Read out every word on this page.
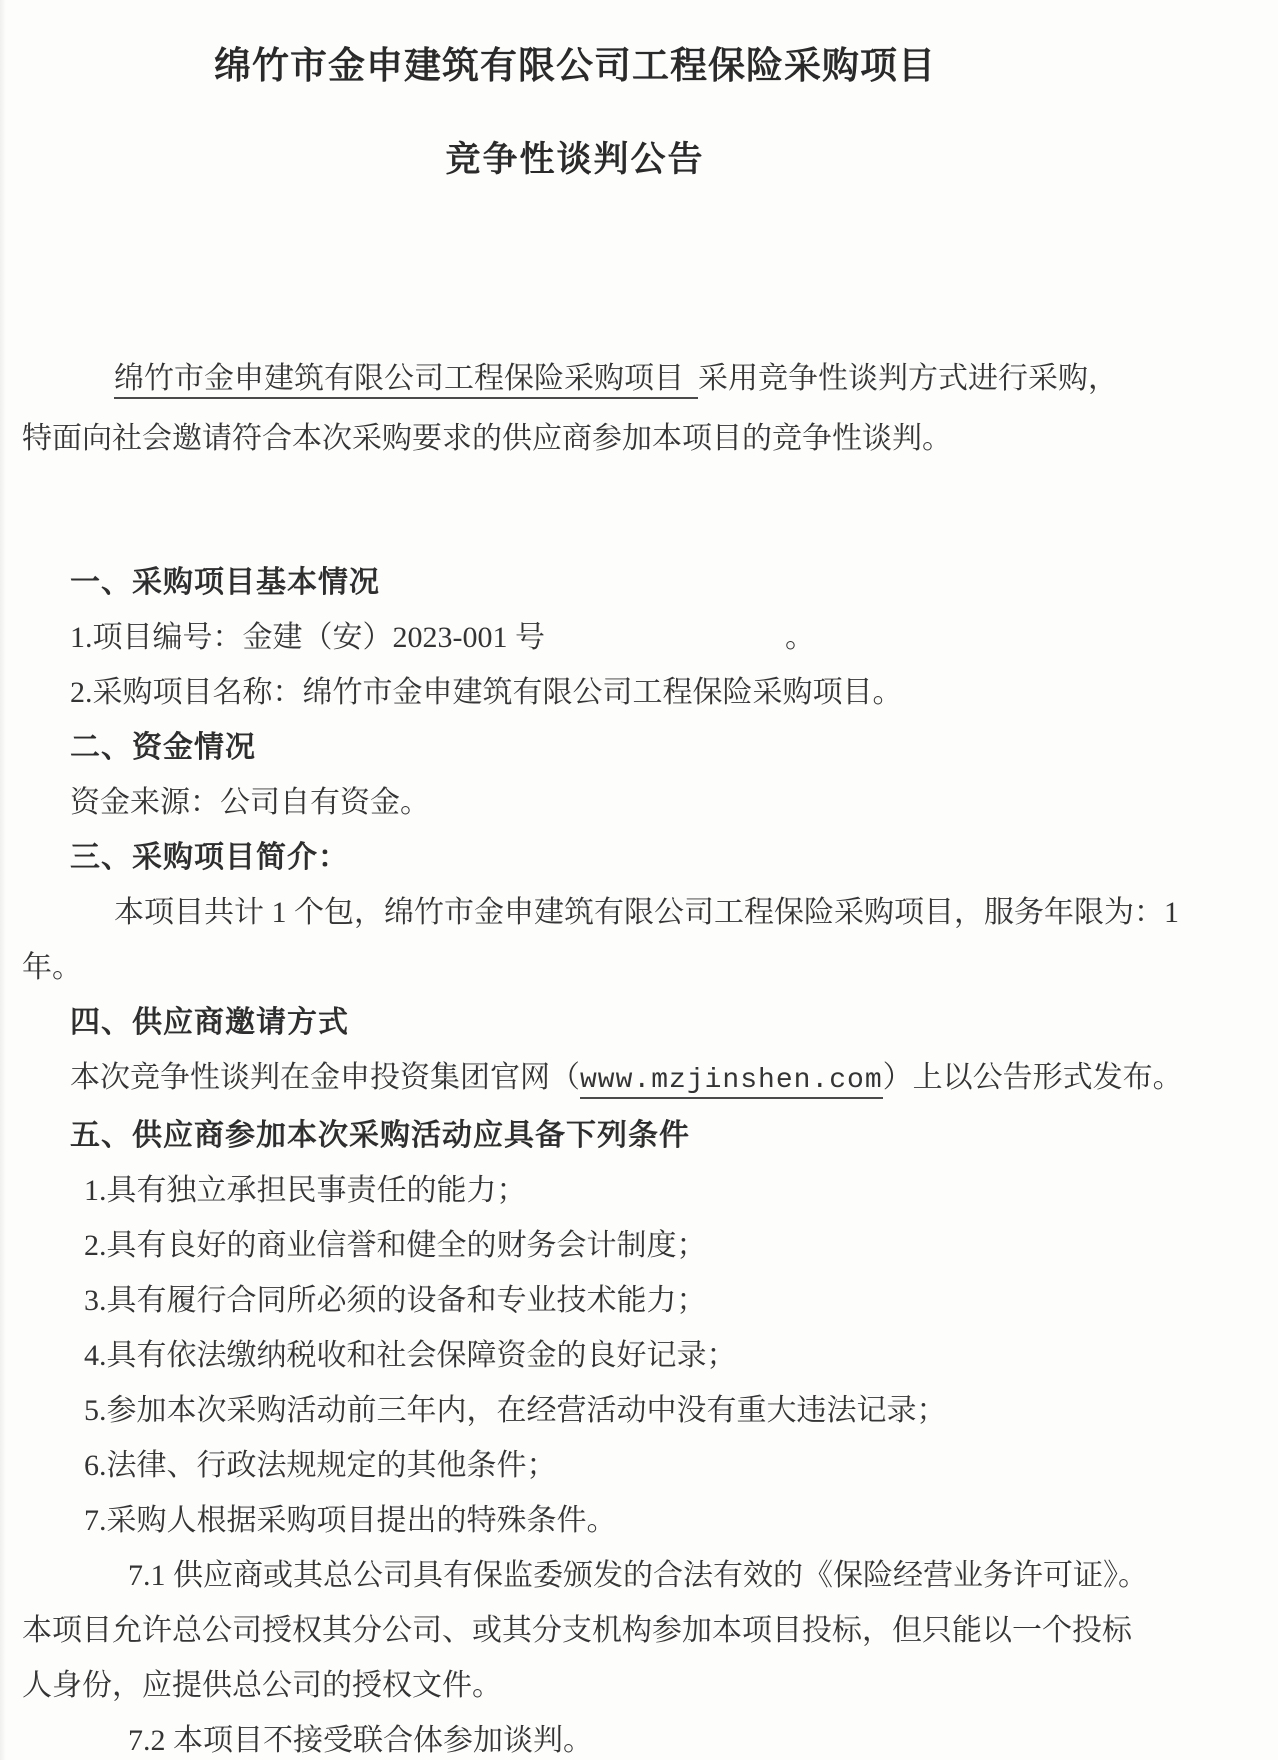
绵竹市金申建筑有限公司工程保险采购项目
竞争性谈判公告
绵竹市金申建筑有限公司工程保险采购项目 采用竞争性谈判方式进行采购，
特面向社会邀请符合本次采购要求的供应商参加本项目的竞争性谈判。
一、采购项目基本情况
1.项目编号：金建（安）2023-001 号	。
2.采购项目名称：绵竹市金申建筑有限公司工程保险采购项目。
二、资金情况
资金来源：公司自有资金。
三、采购项目简介：
本项目共计 1 个包，绵竹市金申建筑有限公司工程保险采购项目，服务年限为：1
年。
四、供应商邀请方式
本次竞争性谈判在金申投资集团官网（www.mzjinshen.com）上以公告形式发布。
五、供应商参加本次采购活动应具备下列条件
1.具有独立承担民事责任的能力；
2.具有良好的商业信誉和健全的财务会计制度；
3.具有履行合同所必须的设备和专业技术能力；
4.具有依法缴纳税收和社会保障资金的良好记录；
5.参加本次采购活动前三年内，在经营活动中没有重大违法记录；
6.法律、行政法规规定的其他条件；
7.采购人根据采购项目提出的特殊条件。
7.1 供应商或其总公司具有保监委颁发的合法有效的《保险经营业务许可证》。
本项目允许总公司授权其分公司、或其分支机构参加本项目投标，但只能以一个投标
人身份，应提供总公司的授权文件。
7.2 本项目不接受联合体参加谈判。
